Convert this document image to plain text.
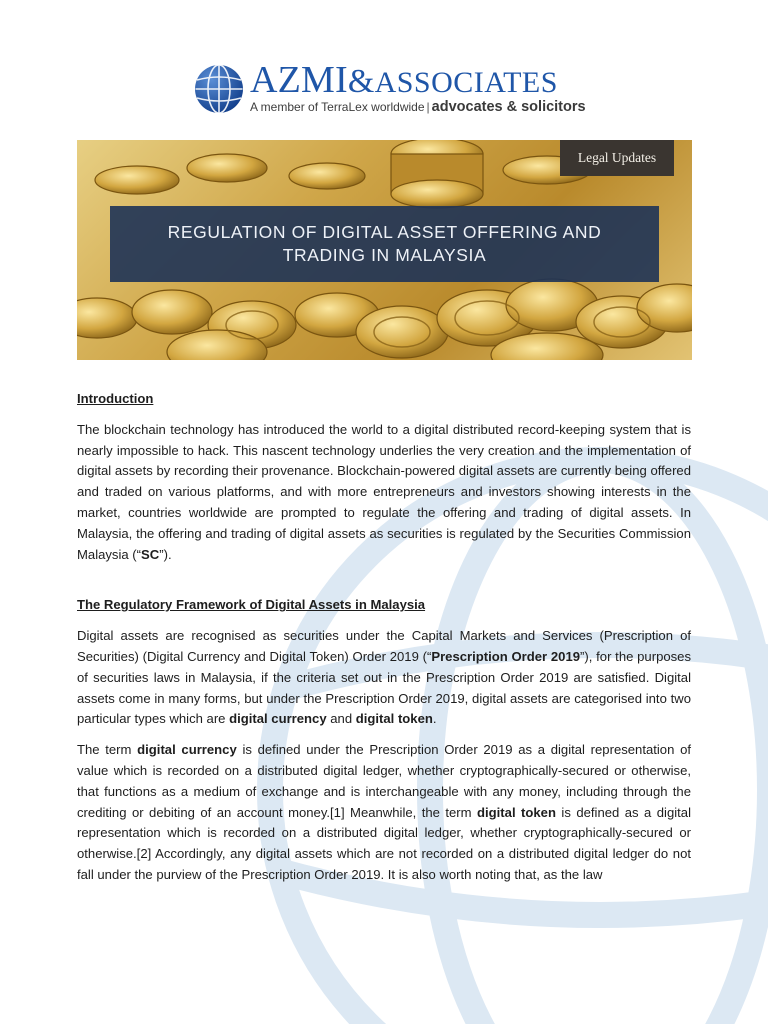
AZMI&ASSOCIATES
A member of TerraLex worldwide | advocates & solicitors
Legal Updates
REGULATION OF DIGITAL ASSET OFFERING AND TRADING IN MALAYSIA
Introduction

The blockchain technology has introduced the world to a digital distributed record-keeping system that is nearly impossible to hack. This nascent technology underlies the very creation and the implementation of digital assets by recording their provenance. Blockchain-powered digital assets are currently being offered and traded on various platforms, and with more entrepreneurs and investors showing interests in the market, countries worldwide are prompted to regulate the offering and trading of digital assets. In Malaysia, the offering and trading of digital assets as securities is regulated by the Securities Commission Malaysia (“SC”).

The Regulatory Framework of Digital Assets in Malaysia

Digital assets are recognised as securities under the Capital Markets and Services (Prescription of Securities) (Digital Currency and Digital Token) Order 2019 (“Prescription Order 2019”), for the purposes of securities laws in Malaysia, if the criteria set out in the Prescription Order 2019 are satisfied. Digital assets come in many forms, but under the Prescription Order 2019, digital assets are categorised into two particular types which are digital currency and digital token.

The term digital currency is defined under the Prescription Order 2019 as a digital representation of value which is recorded on a distributed digital ledger, whether cryptographically-secured or otherwise, that functions as a medium of exchange and is interchangeable with any money, including through the crediting or debiting of an account money.[1] Meanwhile, the term digital token is defined as a digital representation which is recorded on a distributed digital ledger, whether cryptographically-secured or otherwise.[2] Accordingly, any digital assets which are not recorded on a distributed digital ledger do not fall under the purview of the Prescription Order 2019. It is also worth noting that, as the law
